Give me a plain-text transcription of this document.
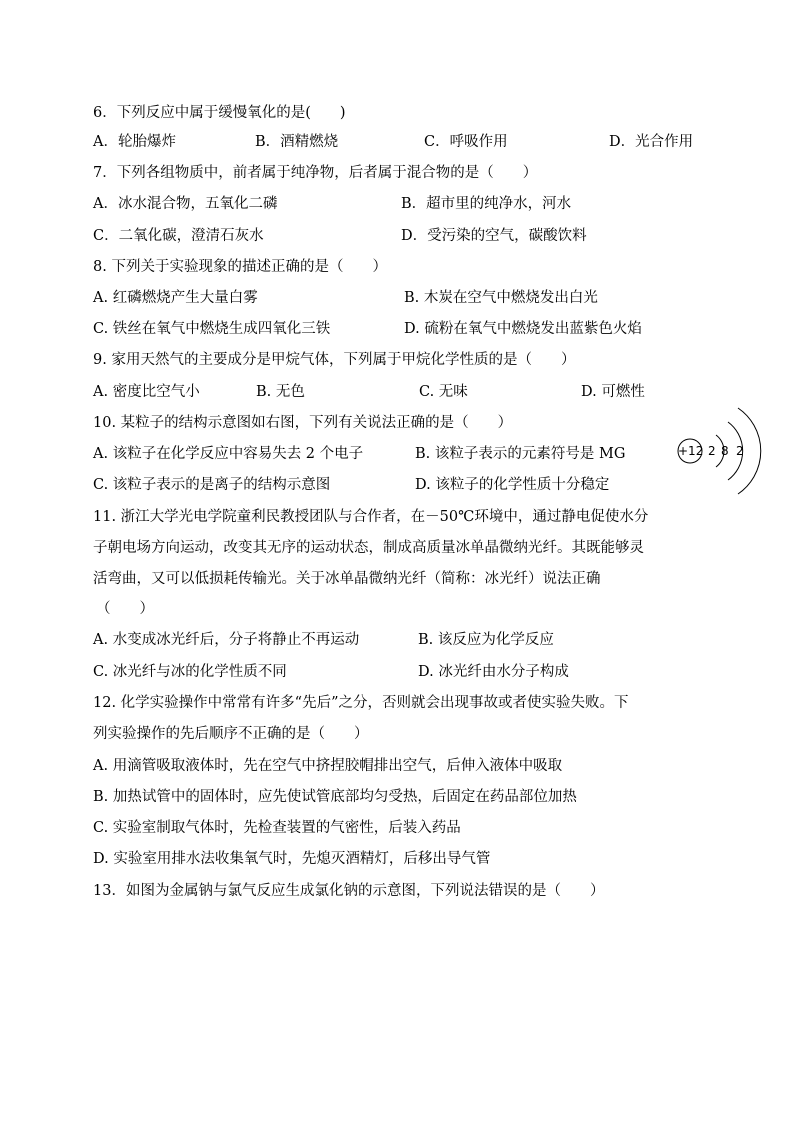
6．下列反应中属于缓慢氧化的是(　　)
A．轮胎爆炸	B．酒精燃烧	C．呼吸作用	D．光合作用
7．下列各组物质中，前者属于纯净物，后者属于混合物的是（　　）
A．冰水混合物，五氧化二磷	B．超市里的纯净水，河水
C．二氧化碳，澄清石灰水	D．受污染的空气，碳酸饮料
8. 下列关于实验现象的描述正确的是（　　）
A. 红磷燃烧产生大量白雾	B. 木炭在空气中燃烧发出白光
C. 铁丝在氧气中燃烧生成四氧化三铁	D. 硫粉在氧气中燃烧发出蓝紫色火焰
9. 家用天然气的主要成分是甲烷气体，下列属于甲烷化学性质的是（　　）
A. 密度比空气小	B. 无色	C. 无味	D. 可燃性
10. 某粒子的结构示意图如右图，下列有关说法正确的是（　　）
A. 该粒子在化学反应中容易失去 2 个电子	B. 该粒子表示的元素符号是 MG
C. 该粒子表示的是离子的结构示意图	D. 该粒子的化学性质十分稳定
+12 2 8 2
11. 浙江大学光电学院童利民教授团队与合作者，在－50℃环境中，通过静电促使水分
子朝电场方向运动，改变其无序的运动状态，制成高质量冰单晶微纳光纤。其既能够灵
活弯曲，又可以低损耗传输光。关于冰单晶微纳光纤（简称：冰光纤）说法正确
（　　）
A. 水变成冰光纤后，分子将静止不再运动	B. 该反应为化学反应
C. 冰光纤与冰的化学性质不同	D. 冰光纤由水分子构成
12. 化学实验操作中常常有许多“先后”之分，否则就会出现事故或者使实验失败。下
列实验操作的先后顺序不正确的是（　　）
A. 用滴管吸取液体时，先在空气中挤捏胶帽排出空气，后伸入液体中吸取
B. 加热试管中的固体时，应先使试管底部均匀受热，后固定在药品部位加热
C. 实验室制取气体时，先检查装置的气密性，后装入药品
D. 实验室用排水法收集氧气时，先熄灭酒精灯，后移出导气管
13．如图为金属钠与氯气反应生成氯化钠的示意图，下列说法错误的是（　　）
